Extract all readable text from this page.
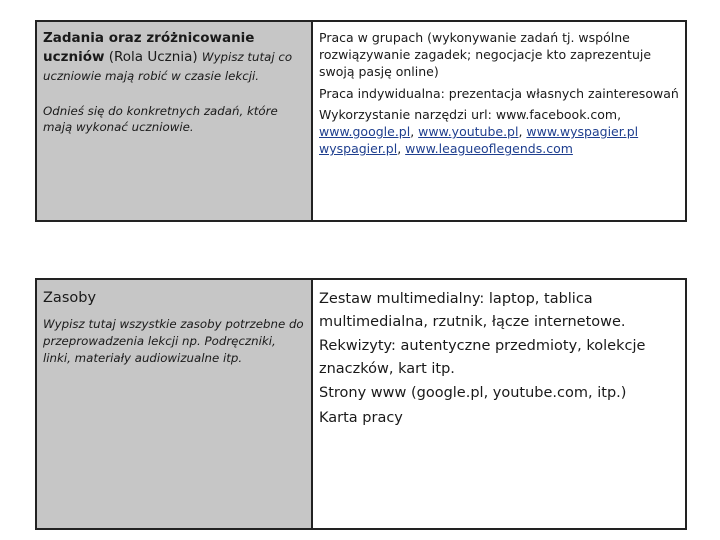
Zadania oraz zróżnicowanie uczniów (Rola Ucznia) Wypisz tutaj co uczniowie mają robić w czasie lekcji.
Odnieś się do konkretnych zadań, które mają wykonać uczniowie.

Praca w grupach (wykonywanie zadań tj. wspólne rozwiązywanie zagadek; negocjacje kto zaprezentuje swoją pasję online)

Praca indywidualna: prezentacja własnych zainteresowań

Wykorzystanie narzędzi url: www.facebook.com, www.google.pl, www.youtube.pl, www.wyspagier.pl wyspagier.pl, www.leagueoflegends.com

Zasoby
Wypisz tutaj wszystkie zasoby potrzebne do przeprowadzenia lekcji np. Podręczniki, linki, materiały audiowizualne itp.

Zestaw multimedialny: laptop, tablica multimedialna, rzutnik, łącze internetowe.

Rekwizyty: autentyczne przedmioty, kolekcje znaczków, kart itp.

Strony www (google.pl, youtube.com, itp.)

Karta pracy
